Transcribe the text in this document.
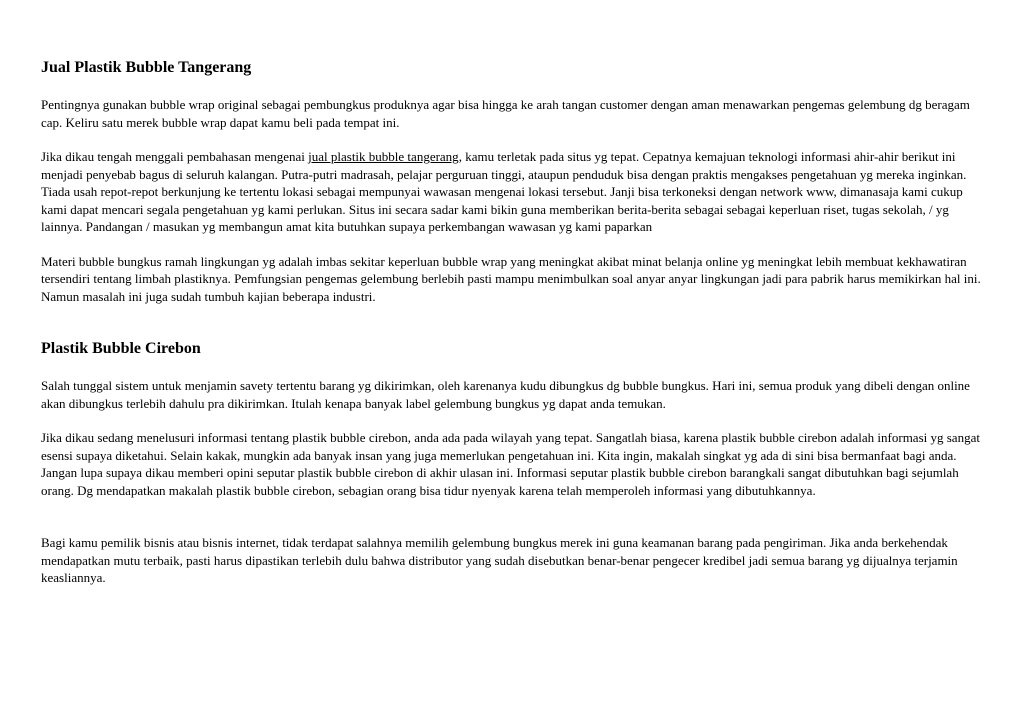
Jual Plastik Bubble Tangerang

Pentingnya gunakan bubble wrap original sebagai pembungkus produknya agar bisa hingga ke arah tangan customer dengan aman menawarkan pengemas gelembung dg beragam cap. Keliru satu merek bubble wrap dapat kamu beli pada tempat ini.

Jika dikau tengah menggali pembahasan mengenai jual plastik bubble tangerang, kamu terletak pada situs yg tepat. Cepatnya kemajuan teknologi informasi ahir-ahir berikut ini menjadi penyebab bagus di seluruh kalangan. Putra-putri madrasah, pelajar perguruan tinggi, ataupun penduduk bisa dengan praktis mengakses pengetahuan yg mereka inginkan. Tiada usah repot-repot berkunjung ke tertentu lokasi sebagai mempunyai wawasan mengenai lokasi tersebut. Janji bisa terkoneksi dengan network www, dimanasaja kami cukup kami dapat mencari segala pengetahuan yg kami perlukan. Situs ini secara sadar kami bikin guna memberikan berita-berita sebagai sebagai keperluan riset, tugas sekolah, / yg lainnya. Pandangan / masukan yg membangun amat kita butuhkan supaya perkembangan wawasan yg kami paparkan

Materi bubble bungkus ramah lingkungan yg adalah imbas sekitar keperluan bubble wrap yang meningkat akibat minat belanja online yg meningkat lebih membuat kekhawatiran tersendiri tentang limbah plastiknya. Pemfungsian pengemas gelembung berlebih pasti mampu menimbulkan soal anyar anyar lingkungan jadi para pabrik harus memikirkan hal ini. Namun masalah ini juga sudah tumbuh kajian beberapa industri.

Plastik Bubble Cirebon

Salah tunggal sistem untuk menjamin savety tertentu barang yg dikirimkan, oleh karenanya kudu dibungkus dg bubble bungkus. Hari ini, semua produk yang dibeli dengan online akan dibungkus terlebih dahulu pra dikirimkan. Itulah kenapa banyak label gelembung bungkus yg dapat anda temukan.

Jika dikau sedang menelusuri informasi tentang plastik bubble cirebon, anda ada pada wilayah yang tepat. Sangatlah biasa, karena plastik bubble cirebon adalah informasi yg sangat esensi supaya diketahui. Selain kakak, mungkin ada banyak insan yang juga memerlukan pengetahuan ini. Kita ingin, makalah singkat yg ada di sini bisa bermanfaat bagi anda. Jangan lupa supaya dikau memberi opini seputar plastik bubble cirebon di akhir ulasan ini. Informasi seputar plastik bubble cirebon barangkali sangat dibutuhkan bagi sejumlah orang. Dg mendapatkan makalah plastik bubble cirebon, sebagian orang bisa tidur nyenyak karena telah memperoleh informasi yang dibutuhkannya.

Bagi kamu pemilik bisnis atau bisnis internet, tidak terdapat salahnya memilih gelembung bungkus merek ini guna keamanan barang pada pengiriman. Jika anda berkehendak mendapatkan mutu terbaik, pasti harus dipastikan terlebih dulu bahwa distributor yang sudah disebutkan benar-benar pengecer kredibel jadi semua barang yg dijualnya terjamin keasliannya.
